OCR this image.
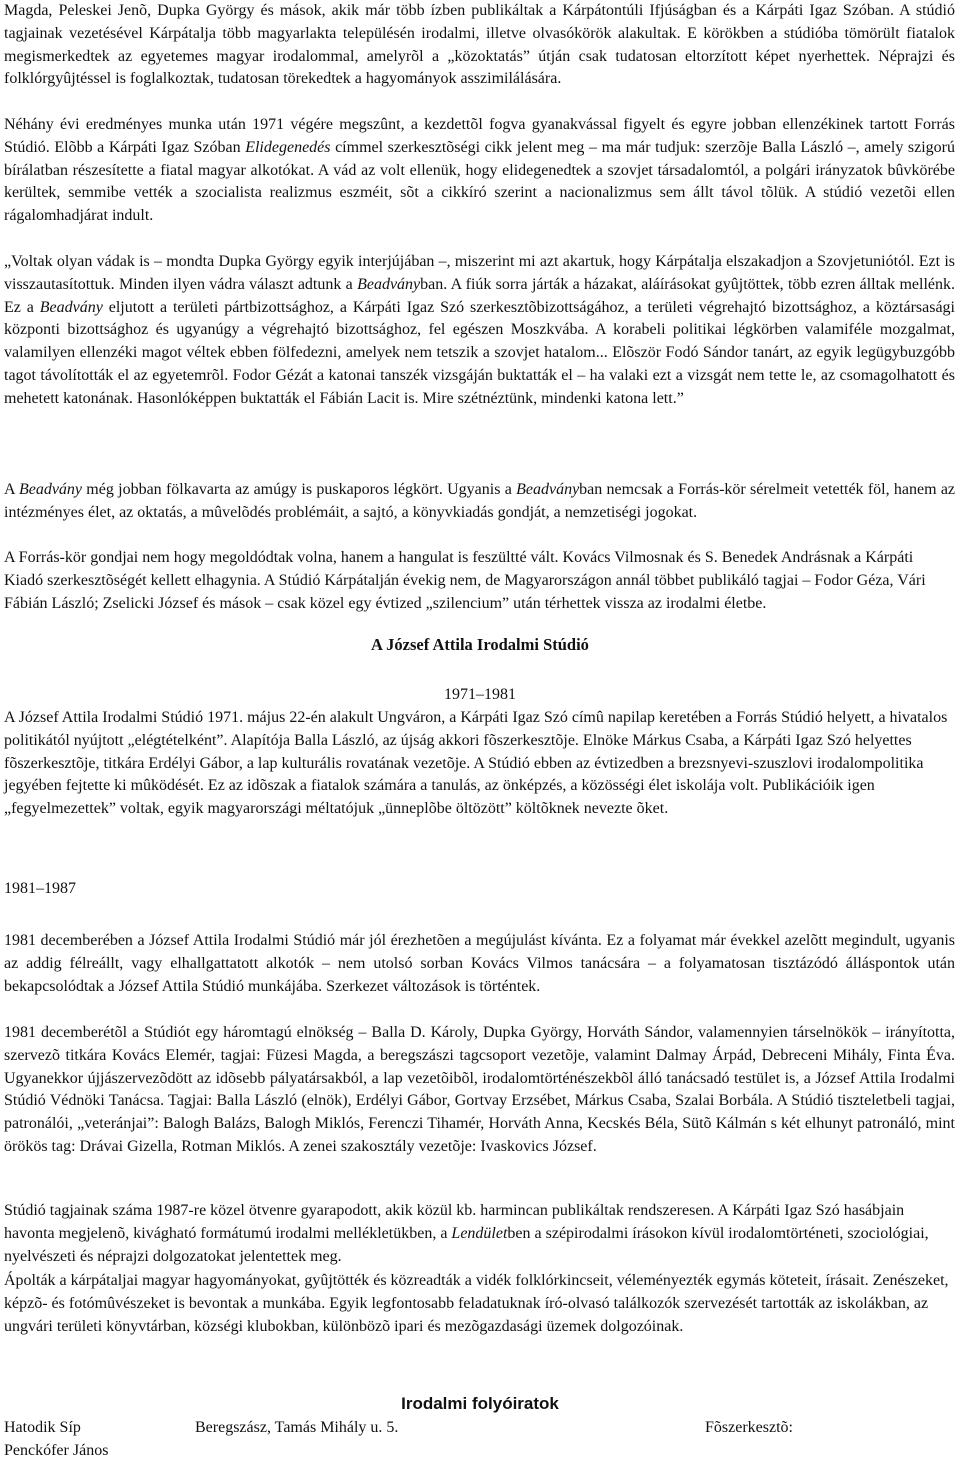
Magda, Peleskei Jenõ, Dupka György és mások, akik már több ízben publikáltak a Kárpátontúli Ifjúságban és a Kárpáti Igaz Szóban. A stúdió tagjainak vezetésével Kárpátalja több magyarlakta településén irodalmi, illetve olvasókörök alakultak. E körökben a stúdióba tömörült fiatalok megismerkedtek az egyetemes magyar irodalommal, amelyrõl a „közoktatás” útján csak tudatosan eltorzított képet nyerhettek. Néprajzi és folklórgyûjtéssel is foglalkoztak, tudatosan törekedtek a hagyományok asszimilálására.

Néhány évi eredményes munka után 1971 végére megszûnt, a kezdettõl fogva gyanakvással figyelt és egyre jobban ellenzékinek tartott Forrás Stúdió. Elõbb a Kárpáti Igaz Szóban Elidegenedés címmel szerkesztõségi cikk jelent meg – ma már tudjuk: szerzõje Balla László –, amely szigorú bírálatban részesítette a fiatal magyar alkotókat. A vád az volt ellenük, hogy elidegenedtek a szovjet társadalomtól, a polgári irányzatok bûvkörébe kerültek, semmibe vették a szocialista realizmus eszméit, sõt a cikkíró szerint a nacionalizmus sem állt távol tõlük. A stúdió vezetõi ellen rágalomhadjárat indult.

„Voltak olyan vádak is – mondta Dupka György egyik interjújában –, miszerint mi azt akartuk, hogy Kárpátalja elszakadjon a Szovjetuniótól. Ezt is visszautasítottuk. Minden ilyen vádra választ adtunk a Beadványban. A fiúk sorra járták a házakat, aláírásokat gyûjtöttek, több ezren álltak mellénk. Ez a Beadvány eljutott a területi pártbizottsághoz, a Kárpáti Igaz Szó szerkesztõbizottságához, a területi végrehajtó bizottsághoz, a köztársasági központi bizottsághoz és ugyanúgy a végrehajtó bizottsághoz, fel egészen Moszkvába. A korabeli politikai légkörben valamiféle mozgalmat, valamilyen ellenzéki magot véltek ebben fölfedezni, amelyek nem tetszik a szovjet hatalom... Elõször Fodó Sándor tanárt, az egyik legügybuzgóbb tagot távolították el az egyetemrõl. Fodor Gézát a katonai tanszék vizsgáján buktatták el – ha valaki ezt a vizsgát nem tette le, az csomagolhatott és mehetett katonának. Hasonlóképpen buktatták el Fábián Lacit is. Mire szétnéztünk, mindenki katona lett.”

A Beadvány még jobban fölkavarta az amúgy is puskaporos légkört. Ugyanis a Beadványban nemcsak a Forrás-kör sérelmeit vetették föl, hanem az intézményes élet, az oktatás, a mûvelõdés problémáit, a sajtó, a könyvkiadás gondját, a nemzetiségi jogokat.

A Forrás-kör gondjai nem hogy megoldódtak volna, hanem a hangulat is feszültté vált. Kovács Vilmosnak és S. Benedek Andrásnak a Kárpáti Kiadó szerkesztõségét kellett elhagynia. A Stúdió Kárpátalján évekig nem, de Magyarországon annál többet publikáló tagjai – Fodor Géza, Vári Fábián László; Zselicki József és mások – csak közel egy évtized „szilencium” után térhettek vissza az irodalmi életbe.

A József Attila Irodalmi Stúdió
1971–1981

A József Attila Irodalmi Stúdió 1971. május 22-én alakult Ungváron, a Kárpáti Igaz Szó címû napilap keretében a Forrás Stúdió helyett, a hivatalos politikától nyújtott „elégtételként”. Alapítója Balla László, az újság akkori fõszerkesztõje. Elnöke Márkus Csaba, a Kárpáti Igaz Szó helyettes fõszerkesztõje, titkára Erdélyi Gábor, a lap kulturális rovatának vezetõje. A Stúdió ebben az évtizedben a brezsnyevi-szuszlovi irodalompolitika jegyében fejtette ki mûködését. Ez az idõszak a fiatalok számára a tanulás, az önképzés, a közösségi élet iskolája volt. Publikációik igen „fegyelmezettek” voltak, egyik magyarországi méltatójuk „ünneplõbe öltözött” költõknek nevezte õket.

1981–1987

1981 decemberében a József Attila Irodalmi Stúdió már jól érezhetõen a megújulást kívánta. Ez a folyamat már évekkel azelõtt megindult, ugyanis az addig félreállt, vagy elhallgattatott alkotók – nem utolsó sorban Kovács Vilmos tanácsára – a folyamatosan tisztázódó álláspontok után bekapcsolódtak a József Attila Stúdió munkájába. Szerkezet változások is történtek.

1981 decemberétõl a Stúdiót egy háromtagú elnökség – Balla D. Károly, Dupka György, Horváth Sándor, valamennyien társelnökök – irányította, szervezõ titkára Kovács Elemér, tagjai: Füzesi Magda, a beregszászi tagcsoport vezetõje, valamint Dalmay Árpád, Debreceni Mihály, Finta Éva. Ugyanekkor újjászervezõdött az idõsebb pályatársakból, a lap vezetõibõl, irodalomtörténészekbõl álló tanácsadó testület is, a József Attila Irodalmi Stúdió Védnöki Tanácsa. Tagjai: Balla László (elnök), Erdélyi Gábor, Gortvay Erzsébet, Márkus Csaba, Szalai Borbála. A Stúdió tiszteletbeli tagjai, patronálói, „veteránjai”: Balogh Balázs, Balogh Miklós, Ferenczi Tihamér, Horváth Anna, Kecskés Béla, Sütõ Kálmán s két elhunyt patronáló, mint örökös tag: Drávai Gizella, Rotman Miklós. A zenei szakosztály vezetõje: Ivaskovics József.

Stúdió tagjainak száma 1987-re közel ötvenre gyarapodott, akik közül kb. harmincan publikáltak rendszeresen. A Kárpáti Igaz Szó hasábjain havonta megjelenõ, kivágható formátumú irodalmi mellékletükben, a Lendületben a szépirodalmi írásokon kívül irodalomtörténeti, szociológiai, nyelvészeti és néprajzi dolgozatokat jelentettek meg.

Ápolták a kárpátaljai magyar hagyományokat, gyûjtötték és közreadták a vidék folklórkincseit, véleményezték egymás köteteit, írásait. Zenészeket, képzõ- és fotómûvészeket is bevontak a munkába. Egyik legfontosabb feladatuknak író-olvasó találkozók szervezését tartották az iskolákban, az ungvári területi könyvtárban, községi klubokban, különbözõ ipari és mezõgazdasági üzemek dolgozóinak.

Irodalmi folyóiratok
Hatodik Síp	Beregszász, Tamás Mihály u. 5.	Fõszerkesztõ:
Penckófer János
